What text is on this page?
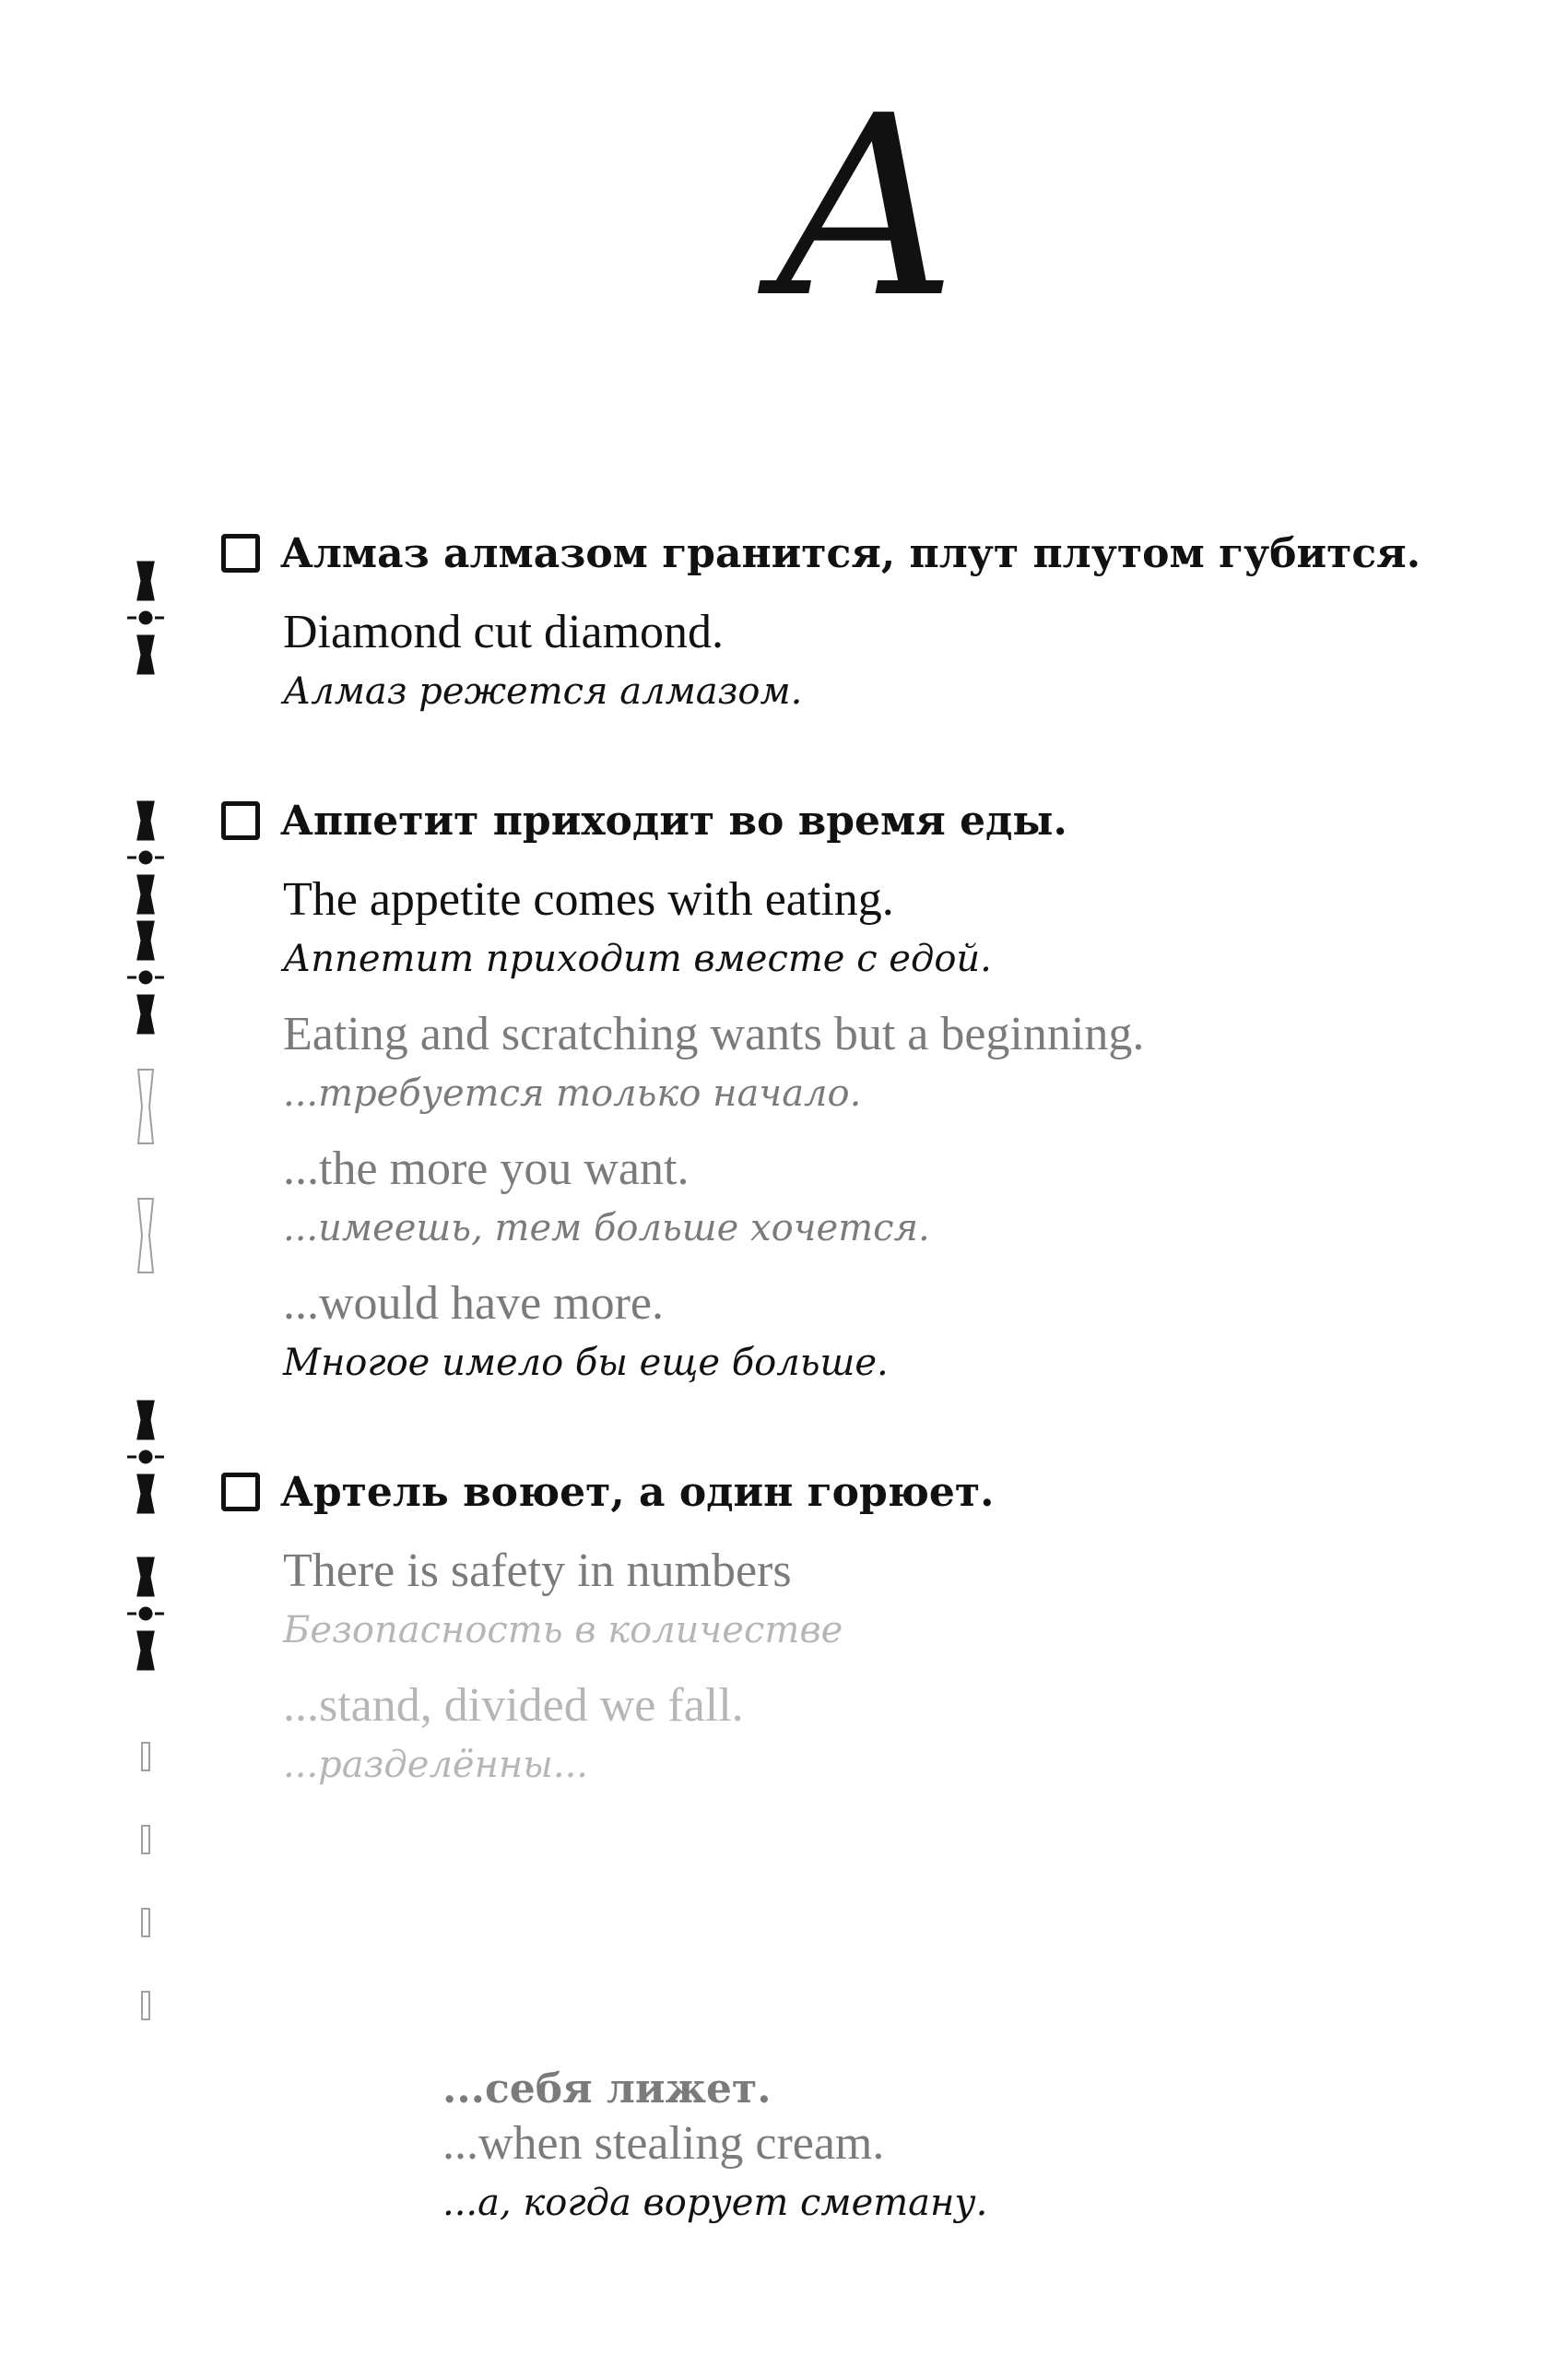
A
Алмаз алмазом гранится, плут плутом губится.
Diamond cut diamond.
Алмаз режется алмазом.
Аппетит приходит во время еды.
The appetite comes with eating.
Аппетит приходит вместе с едой.
Eating and scratching wants but a beginning.
...требуется только начало.
...the more you want.
...имеешь, тем больше хочется.
...would have more.
Многое имело бы еще больше.
Артель воюет, а один горюет.
There is safety in numbers
Безопасность в количестве
...stand, divided we fall.
...разделённы...
...себя лижет.
...when stealing cream.
...а, когда ворует сметану.
